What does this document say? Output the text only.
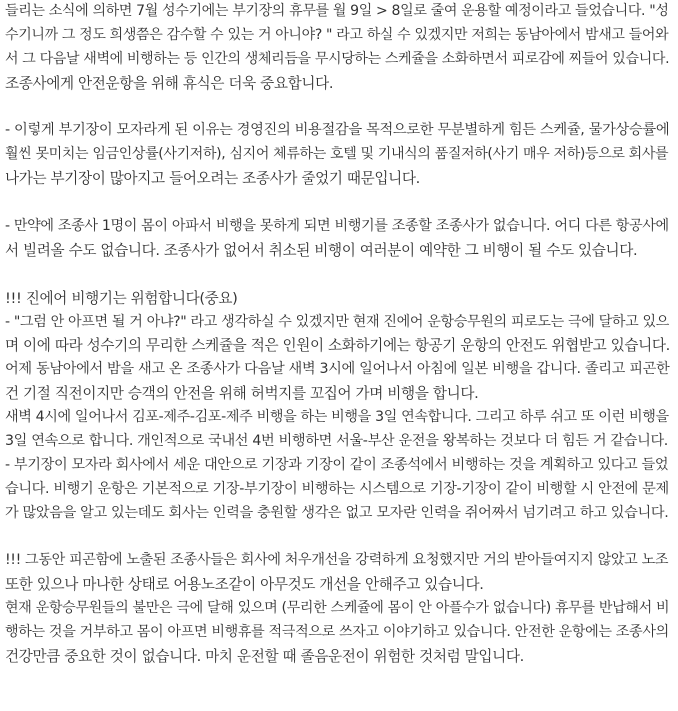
들리는 소식에 의하면 7월 성수기에는 부기장의 휴무를 월 9일 > 8일로 줄여 운용할 예정이라고 들었습니다. "성
수기니까 그 정도 희생쯤은 감수할 수 있는 거 아니야? " 라고 하실 수 있겠지만 저희는 동남아에서 밤새고 들어와
서 그 다음날 새벽에 비행하는 등 인간의 생체리듬을 무시당하는 스케쥴을 소화하면서 피로감에 찌들어 있습니다.
조종사에게 안전운항을 위해 휴식은 더욱 중요합니다.
- 이렇게 부기장이 모자라게 된 이유는 경영진의 비용절감을 목적으로한 무분별하게 힘든 스케쥴, 물가상승률에
훨씬 못미치는 임금인상률(사기저하), 심지어 체류하는 호텔 및 기내식의 품질저하(사기 매우 저하)등으로 회사를
나가는 부기장이 많아지고 들어오려는 조종사가 줄었기 때문입니다.
- 만약에 조종사 1명이 몸이 아파서 비행을 못하게 되면 비행기를 조종할 조종사가 없습니다. 어디 다른 항공사에
서 빌려올 수도 없습니다. 조종사가 없어서 취소된 비행이 여러분이 예약한 그 비행이 될 수도 있습니다.
!!! 진에어 비행기는 위험합니다(중요)
- "그럼 안 아프면 될 거 아냐?" 라고 생각하실 수 있겠지만 현재 진에어 운항승무원의 피로도는 극에 달하고 있으
며 이에 따라 성수기의 무리한 스케쥴을 적은 인원이 소화하기에는 항공기 운항의 안전도 위협받고 있습니다.
어제 동남아에서 밤을 새고 온 조종사가 다음날 새벽 3시에 일어나서 아침에 일본 비행을 갑니다. 졸리고 피곤한
건 기절 직전이지만 승객의 안전을 위해 허벅지를 꼬집어 가며 비행을 합니다.
새벽 4시에 일어나서 김포-제주-김포-제주 비행을 하는 비행을 3일 연속합니다. 그리고 하루 쉬고 또 이런 비행을
3일 연속으로 합니다. 개인적으로 국내선 4번 비행하면 서울-부산 운전을 왕복하는 것보다 더 힘든 거 같습니다.
- 부기장이 모자라 회사에서 세운 대안으로 기장과 기장이 같이 조종석에서 비행하는 것을 계획하고 있다고 들었
습니다. 비행기 운항은 기본적으로 기장-부기장이 비행하는 시스템으로 기장-기장이 같이 비행할 시 안전에 문제
가 많았음을 알고 있는데도 회사는 인력을 충원할 생각은 없고 모자란 인력을 쥐어짜서 넘기려고 하고 있습니다.
!!! 그동안 피곤함에 노출된 조종사들은 회사에 처우개선을 강력하게 요청했지만 거의 받아들여지지 않았고 노조
또한 있으나 마나한 상태로 어용노조같이 아무것도 개선을 안해주고 있습니다.
현재 운항승무원들의 불만은 극에 달해 있으며 (무리한 스케쥴에 몸이 안 아플수가 없습니다) 휴무를 반납해서 비
행하는 것을 거부하고 몸이 아프면 비행휴를 적극적으로 쓰자고 이야기하고 있습니다. 안전한 운항에는 조종사의
건강만큼 중요한 것이 없습니다. 마치 운전할 때 졸음운전이 위험한 것처럼 말입니다.
